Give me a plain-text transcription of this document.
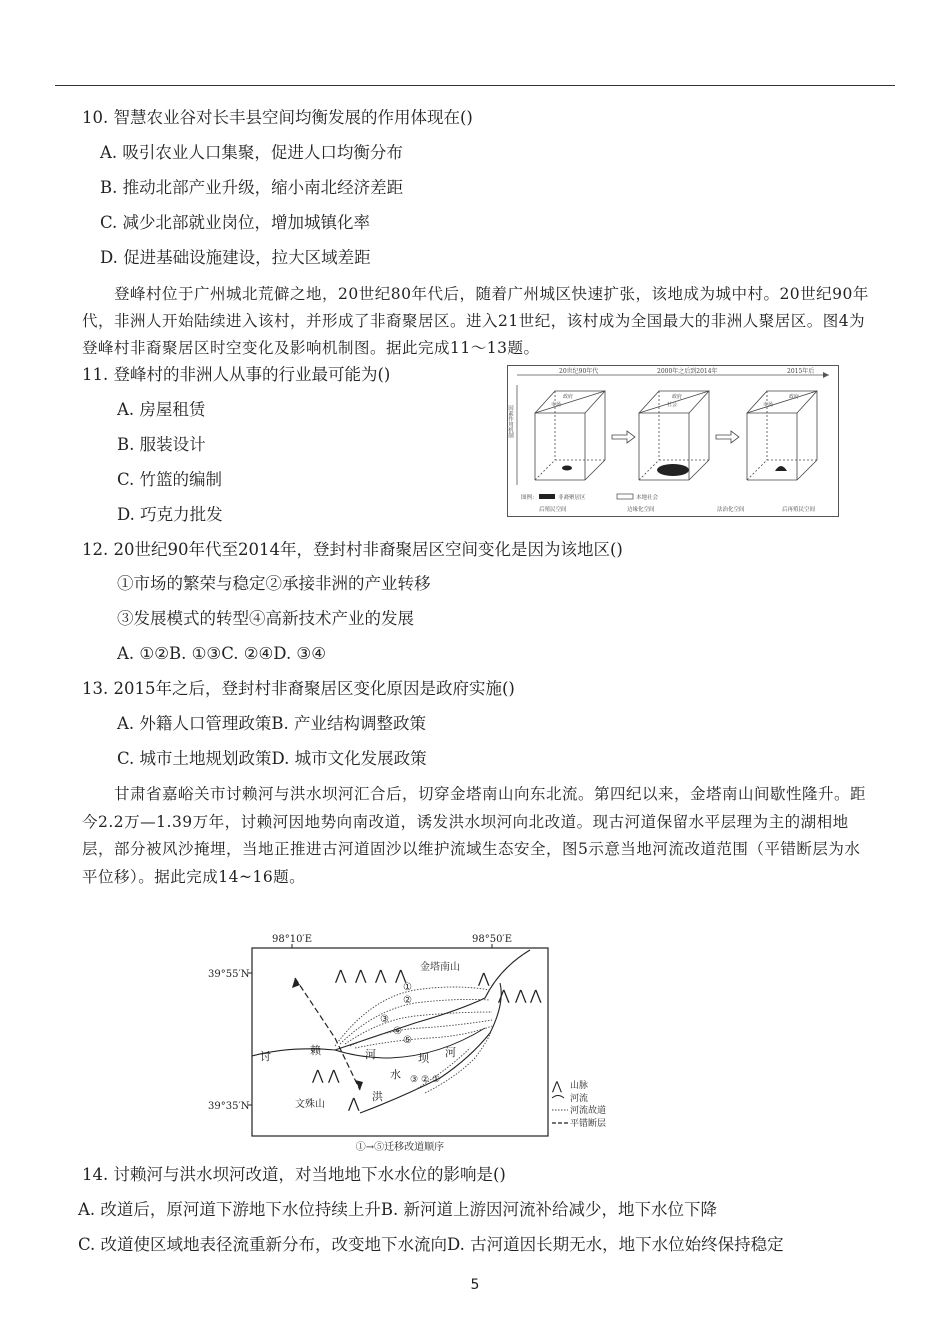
10. 智慧农业谷对长丰县空间均衡发展的作用体现在()
A. 吸引农业人口集聚，促进人口均衡分布
B. 推动北部产业升级，缩小南北经济差距
C. 减少北部就业岗位，增加城镇化率
D. 促进基础设施建设，拉大区域差距
登峰村位于广州城北荒僻之地，20世纪80年代后，随着广州城区快速扩张，该地成为城中村。20世纪90年代，非洲人开始陆续进入该村，并形成了非裔聚居区。进入21世纪，该村成为全国最大的非洲人聚居区。图4为登峰村非裔聚居区时空变化及影响机制图。据此完成11～13题。
11. 登峰村的非洲人从事的行业最可能为()
A. 房屋租赁
B. 服装设计
C. 竹篮的编制
D. 巧克力批发
20世纪90年代	2000年之后到2014年	2015年后
因素作用机制
政府
市场
政府
社会
政府
市场
图例：	非裔聚居区	本地社会
后殖民空间	边缘化空间	法治化空间	后再殖民空间
12. 20世纪90年代至2014年，登封村非裔聚居区空间变化是因为该地区()
①市场的繁荣与稳定②承接非洲的产业转移
③发展模式的转型④高新技术产业的发展
A. ①②B. ①③C. ②④D. ③④
13. 2015年之后，登封村非裔聚居区变化原因是政府实施()
A. 外籍人口管理政策B. 产业结构调整政策
C. 城市土地规划政策D. 城市文化发展政策
甘肃省嘉峪关市讨赖河与洪水坝河汇合后，切穿金塔南山向东北流。第四纪以来，金塔南山间歇性隆升。距今2.2万—1.39万年，讨赖河因地势向南改道，诱发洪水坝河向北改道。现古河道保留水平层理为主的湖相地层，部分被风沙掩埋，当地正推进古河道固沙以维护流域生态安全，图5示意当地河流改道范围（平错断层为水平位移）。据此完成14~16题。
98°10′E	98°50′E
39°55′N
39°35′N
①
②
③
④
⑤
③ ② ①
⋀ ⋀ ⋀ ⋀	⋀
⋀ ⋀ ⋀
⋀ ⋀
⋀
金塔南山
文殊山
讨	赖	河	坝 河
水
洪
⋀ 山脉
河流
河流故道
平错断层
①→⑤迁移改道顺序
14. 讨赖河与洪水坝河改道，对当地地下水水位的影响是()
A. 改道后，原河道下游地下水位持续上升B. 新河道上游因河流补给减少，地下水位下降
C. 改道使区域地表径流重新分布，改变地下水流向D. 古河道因长期无水，地下水位始终保持稳定
5
